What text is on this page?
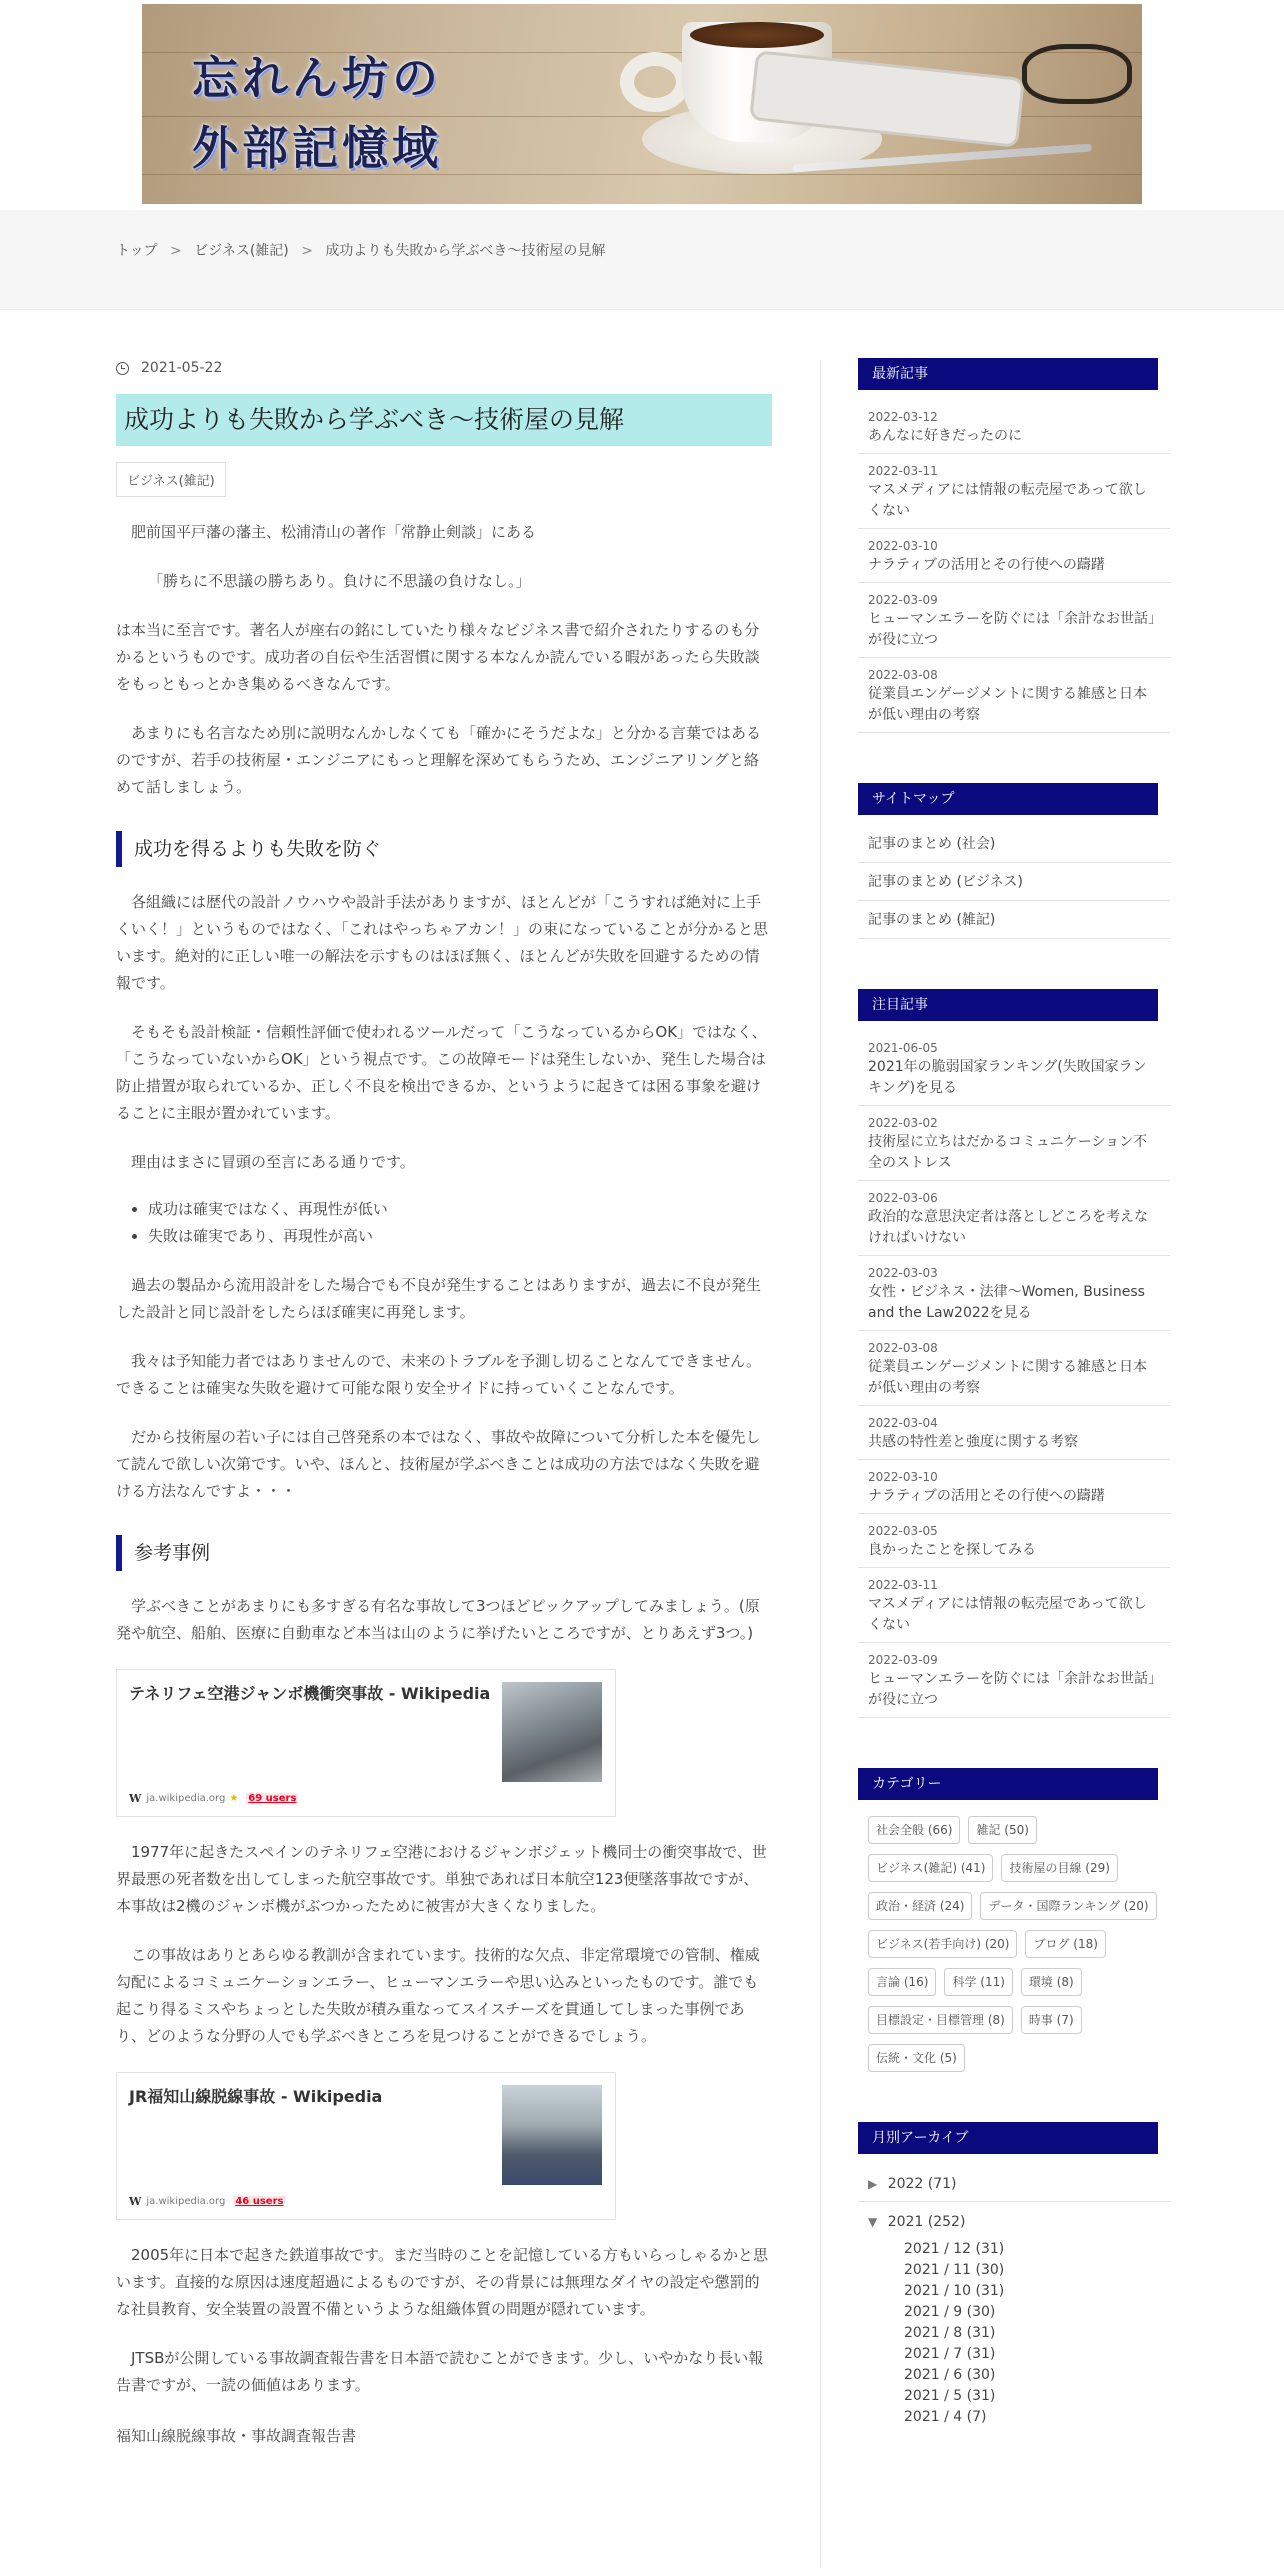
忘れん坊の
外部記憶域
トップ > ビジネス(雑記) > 成功よりも失敗から学ぶべき～技術屋の見解
2021-05-22
成功よりも失敗から学ぶべき～技術屋の見解
ビジネス(雑記)

肥前国平戸藩の藩主、松浦清山の著作「常静止剣談」にある

「勝ちに不思議の勝ちあり。負けに不思議の負けなし。」

は本当に至言です。著名人が座右の銘にしていたり様々なビジネス書で紹介されたりするのも分かるというものです。成功者の自伝や生活習慣に関する本なんか読んでいる暇があったら失敗談をもっともっとかき集めるべきなんです。

あまりにも名言なため別に説明なんかしなくても「確かにそうだよな」と分かる言葉ではあるのですが、若手の技術屋・エンジニアにもっと理解を深めてもらうため、エンジニアリングと絡めて話しましょう。

成功を得るよりも失敗を防ぐ

各組織には歴代の設計ノウハウや設計手法がありますが、ほとんどが「こうすれば絶対に上手くいく！」というものではなく、「これはやっちゃアカン！」の束になっていることが分かると思います。絶対的に正しい唯一の解法を示すものはほぼ無く、ほとんどが失敗を回避するための情報です。

そもそも設計検証・信頼性評価で使われるツールだって「こうなっているからOK」ではなく、「こうなっていないからOK」という視点です。この故障モードは発生しないか、発生した場合は防止措置が取られているか、正しく不良を検出できるか、というように起きては困る事象を避けることに主眼が置かれています。

理由はまさに冒頭の至言にある通りです。

• 成功は確実ではなく、再現性が低い
• 失敗は確実であり、再現性が高い

過去の製品から流用設計をした場合でも不良が発生することはありますが、過去に不良が発生した設計と同じ設計をしたらほぼ確実に再発します。

我々は予知能力者ではありませんので、未来のトラブルを予測し切ることなんてできません。できることは確実な失敗を避けて可能な限り安全サイドに持っていくことなんです。

だから技術屋の若い子には自己啓発系の本ではなく、事故や故障について分析した本を優先して読んで欲しい次第です。いや、ほんと、技術屋が学ぶべきことは成功の方法ではなく失敗を避ける方法なんですよ・・・

参考事例

学ぶべきことがあまりにも多すぎる有名な事故して3つほどピックアップしてみましょう。(原発や航空、船舶、医療に自動車など本当は山のように挙げたいところですが、とりあえず3つ。)

テネリフェ空港ジャンボ機衝突事故 - Wikipedia
W ja.wikipedia.org ★ 69 users

1977年に起きたスペインのテネリフェ空港におけるジャンボジェット機同士の衝突事故で、世界最悪の死者数を出してしまった航空事故です。単独であれば日本航空123便墜落事故ですが、本事故は2機のジャンボ機がぶつかったために被害が大きくなりました。

この事故はありとあらゆる教訓が含まれています。技術的な欠点、非定常環境での管制、権威勾配によるコミュニケーションエラー、ヒューマンエラーや思い込みといったものです。誰でも起こり得るミスやちょっとした失敗が積み重なってスイスチーズを貫通してしまった事例であり、どのような分野の人でも学ぶべきところを見つけることができるでしょう。

JR福知山線脱線事故 - Wikipedia
W ja.wikipedia.org 46 users

2005年に日本で起きた鉄道事故です。まだ当時のことを記憶している方もいらっしゃるかと思います。直接的な原因は速度超過によるものですが、その背景には無理なダイヤの設定や懲罰的な社員教育、安全装置の設置不備というような組織体質の問題が隠れています。

JTSBが公開している事故調査報告書を日本語で読むことができます。少し、いやかなり長い報告書ですが、一読の価値はあります。

福知山線脱線事故・事故調査報告書

最新記事
2022-03-12
あんなに好きだったのに
2022-03-11
マスメディアには情報の転売屋であって欲しくない
2022-03-10
ナラティブの活用とその行使への躊躇
2022-03-09
ヒューマンエラーを防ぐには「余計なお世話」が役に立つ
2022-03-08
従業員エンゲージメントに関する雑感と日本が低い理由の考察
サイトマップ
記事のまとめ (社会)
記事のまとめ (ビジネス)
記事のまとめ (雑記)
注目記事
2021-06-05
2021年の脆弱国家ランキング(失敗国家ランキング)を見る
2022-03-02
技術屋に立ちはだかるコミュニケーション不全のストレス
2022-03-06
政治的な意思決定者は落としどころを考えなければいけない
2022-03-03
女性・ビジネス・法律～Women, Business and the Law2022を見る
2022-03-08
従業員エンゲージメントに関する雑感と日本が低い理由の考察
2022-03-04
共感の特性差と強度に関する考察
2022-03-10
ナラティブの活用とその行使への躊躇
2022-03-05
良かったことを探してみる
2022-03-11
マスメディアには情報の転売屋であって欲しくない
2022-03-09
ヒューマンエラーを防ぐには「余計なお世話」が役に立つ
カテゴリー
社会全般 (66)	雑記 (50)
ビジネス(雑記) (41)	技術屋の目線 (29)
政治・経済 (24)	データ・国際ランキング (20)
ビジネス(若手向け) (20)	ブログ (18)
言論 (16)	科学 (11)	環境 (8)
目標設定・目標管理 (8)	時事 (7)
伝統・文化 (5)
月別アーカイブ
▶ 2022 (71)
▼ 2021 (252)
2021 / 12 (31)
2021 / 11 (30)
2021 / 10 (31)
2021 / 9 (30)
2021 / 8 (31)
2021 / 7 (31)
2021 / 6 (30)
2021 / 5 (31)
2021 / 4 (7)
